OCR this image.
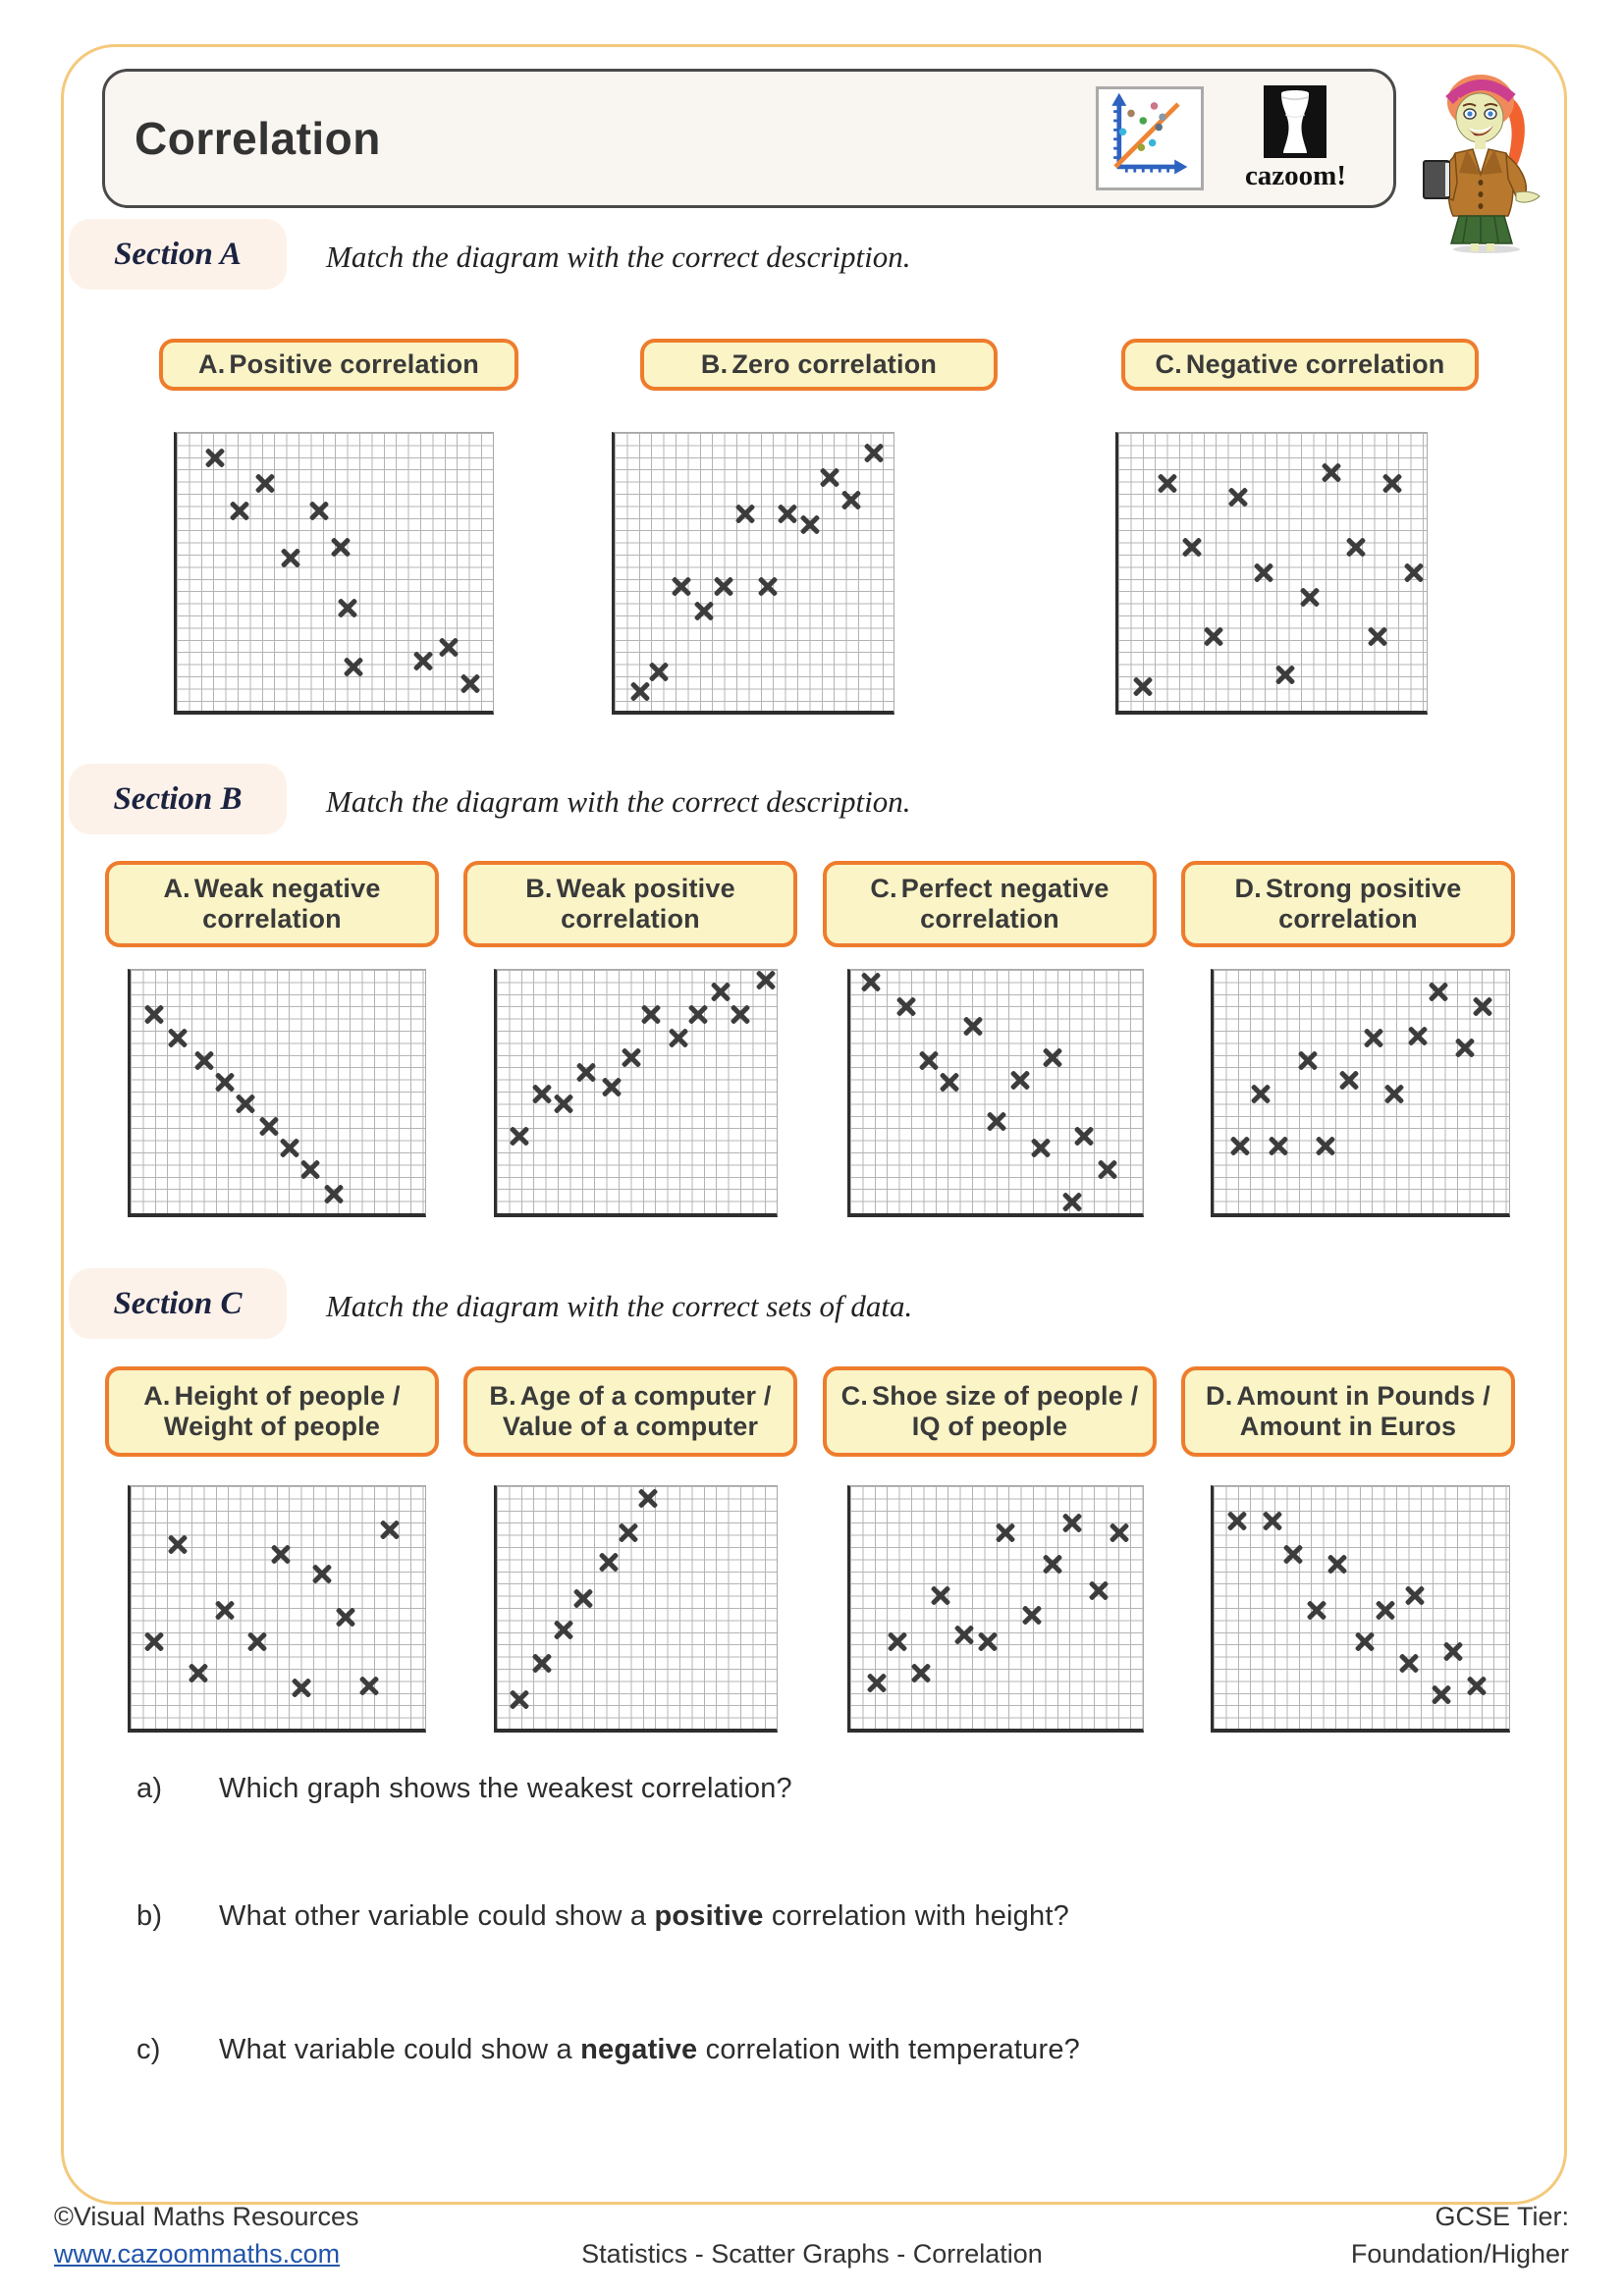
Correlation
cazoom!
Section A	Match the diagram with the correct description.
A. Positive correlation	B. Zero correlation	C. Negative correlation
Section B	Match the diagram with the correct description.
A. Weak negative correlation
B. Weak positive correlation
C. Perfect negative correlation
D. Strong positive correlation
Section C	Match the diagram with the correct sets of data.
A. Height of people / Weight of people
B. Age of a computer / Value of a computer
C. Shoe size of people / IQ of people
D. Amount in Pounds / Amount in Euros
a) Which graph shows the weakest correlation?
b) What other variable could show a positive correlation with height?
c) What variable could show a negative correlation with temperature?
©Visual Maths Resources
www.cazoommaths.com	Statistics - Scatter Graphs - Correlation
GCSE Tier:
Foundation/Higher
